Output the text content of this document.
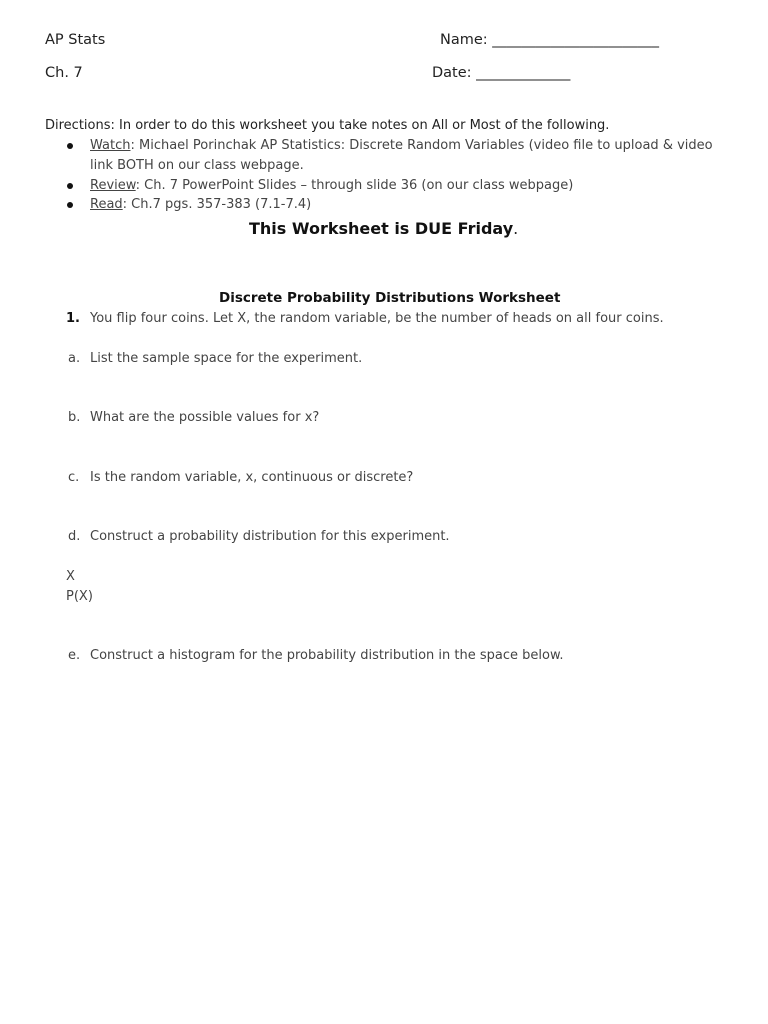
AP Stats
Ch. 7
Name: _______________________
Date: _____________
Directions: In order to do this worksheet you take notes on All or Most of the following.
Watch: Michael Porinchak AP Statistics: Discrete Random Variables (video file to upload & video
link BOTH on our class webpage.
Review: Ch. 7 PowerPoint Slides – through slide 36 (on our class webpage)
Read: Ch.7 pgs. 357-383 (7.1-7.4)
This Worksheet is DUE Friday.
Discrete Probability Distributions Worksheet
1. You flip four coins. Let X, the random variable, be the number of heads on all four coins.
a. List the sample space for the experiment.
b. What are the possible values for x?
c. Is the random variable, x, continuous or discrete?
d. Construct a probability distribution for this experiment.
X
P(X)
e. Construct a histogram for the probability distribution in the space below.
